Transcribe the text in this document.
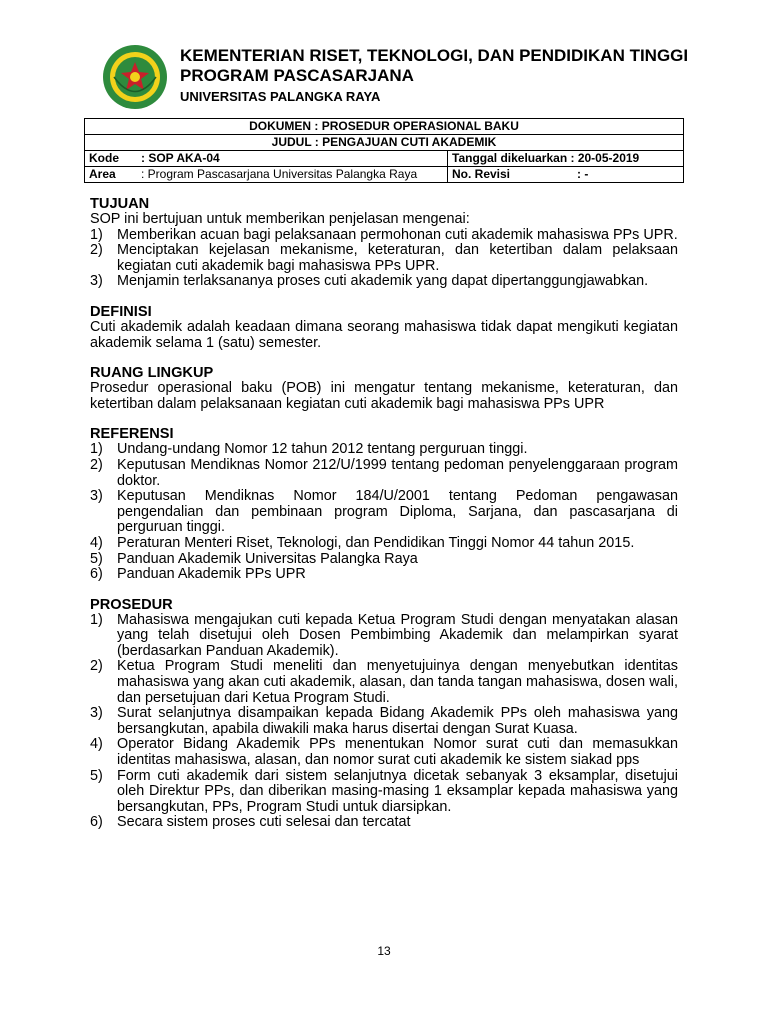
KEMENTERIAN RISET, TEKNOLOGI, DAN PENDIDIKAN TINGGI
PROGRAM PASCASARJANA
UNIVERSITAS PALANGKA RAYA
DOKUMEN : PROSEDUR OPERASIONAL BAKU	
JUDUL : PENGAJUAN CUTI AKADEMIK	
Kode : SOP AKA-04	Tanggal dikeluarkan : 20-05-2019
Area : Program Pascasarjana Universitas Palangka Raya	No. Revisi : -
TUJUAN
SOP ini bertujuan untuk memberikan penjelasan mengenai:
1) Memberikan acuan bagi pelaksanaan permohonan cuti akademik mahasiswa PPs UPR.
2) Menciptakan kejelasan mekanisme, keteraturan, dan ketertiban dalam pelaksaan kegiatan cuti akademik bagi mahasiswa PPs UPR.
3) Menjamin terlaksananya proses cuti akademik yang dapat dipertanggungjawabkan.
DEFINISI
Cuti akademik adalah keadaan dimana seorang mahasiswa tidak dapat mengikuti kegiatan akademik selama 1 (satu) semester.
RUANG LINGKUP
Prosedur operasional baku (POB) ini mengatur tentang mekanisme, keteraturan, dan ketertiban dalam pelaksanaan kegiatan cuti akademik bagi mahasiswa PPs UPR
REFERENSI
1) Undang-undang Nomor 12 tahun 2012 tentang perguruan tinggi.
2) Keputusan Mendiknas Nomor 212/U/1999 tentang pedoman penyelenggaraan program doktor.
3) Keputusan Mendiknas Nomor 184/U/2001 tentang Pedoman pengawasan pengendalian dan pembinaan program Diploma, Sarjana, dan pascasarjana di perguruan tinggi.
4) Peraturan Menteri Riset, Teknologi, dan Pendidikan Tinggi Nomor 44 tahun 2015.
5) Panduan Akademik Universitas Palangka Raya
6) Panduan Akademik PPs UPR
PROSEDUR
1) Mahasiswa mengajukan cuti kepada Ketua Program Studi dengan menyatakan alasan yang telah disetujui oleh Dosen Pembimbing Akademik dan melampirkan syarat (berdasarkan Panduan Akademik).
2) Ketua Program Studi meneliti dan menyetujuinya dengan menyebutkan identitas mahasiswa yang akan cuti akademik, alasan, dan tanda tangan mahasiswa, dosen wali, dan persetujuan dari Ketua Program Studi.
3) Surat selanjutnya disampaikan kepada Bidang Akademik PPs oleh mahasiswa yang bersangkutan, apabila diwakili maka harus disertai dengan Surat Kuasa.
4) Operator Bidang Akademik PPs menentukan Nomor surat cuti dan memasukkan identitas mahasiswa, alasan, dan nomor surat cuti akademik ke sistem siakad pps
5) Form cuti akademik dari sistem selanjutnya dicetak sebanyak 3 eksamplar, disetujui oleh Direktur PPs, dan diberikan masing-masing 1 eksamplar kepada mahasiswa yang bersangkutan, PPs, Program Studi untuk diarsipkan.
6) Secara sistem proses cuti selesai dan tercatat
13
